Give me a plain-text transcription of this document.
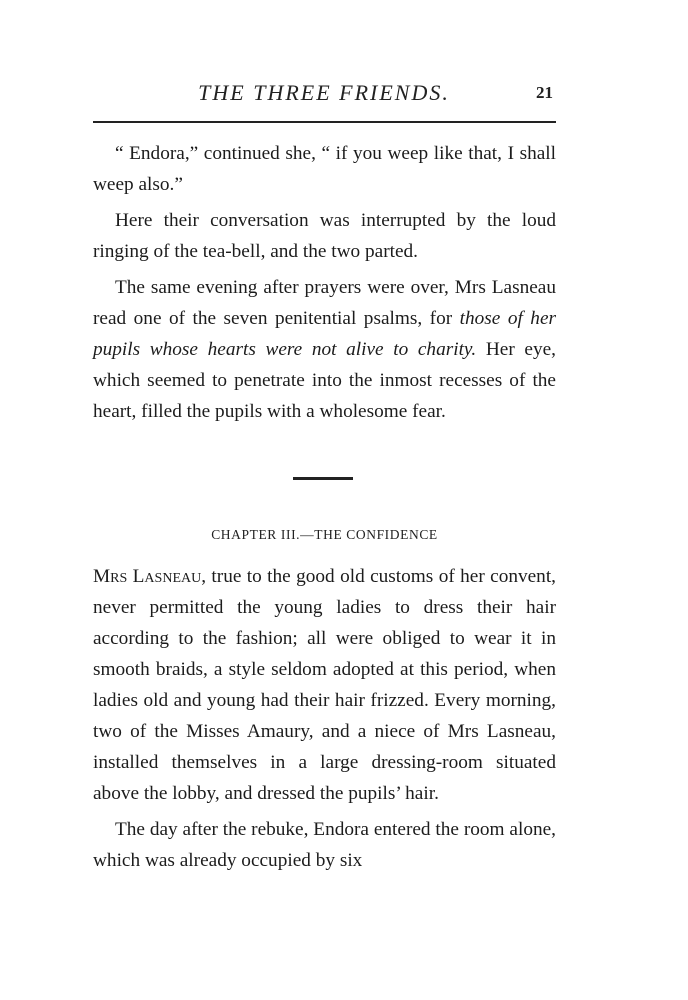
THE THREE FRIENDS.	21

“ Endora,” continued she, “ if you weep like that, I shall weep also.”

Here their conversation was interrupted by the loud ringing of the tea-bell, and the two parted.

The same evening after prayers were over, Mrs Lasneau read one of the seven penitential psalms, for those of her pupils whose hearts were not alive to charity. Her eye, which seemed to penetrate into the inmost recesses of the heart, filled the pupils with a wholesome fear.

CHAPTER III.—THE CONFIDENCE

Mrs Lasneau, true to the good old customs of her convent, never permitted the young ladies to dress their hair according to the fashion; all were obliged to wear it in smooth braids, a style seldom adopted at this period, when ladies old and young had their hair frizzed. Every morning, two of the Misses Amaury, and a niece of Mrs Lasneau, installed themselves in a large dressing-room situated above the lobby, and dressed the pupils’ hair.

The day after the rebuke, Endora entered the room alone, which was already occupied by six
